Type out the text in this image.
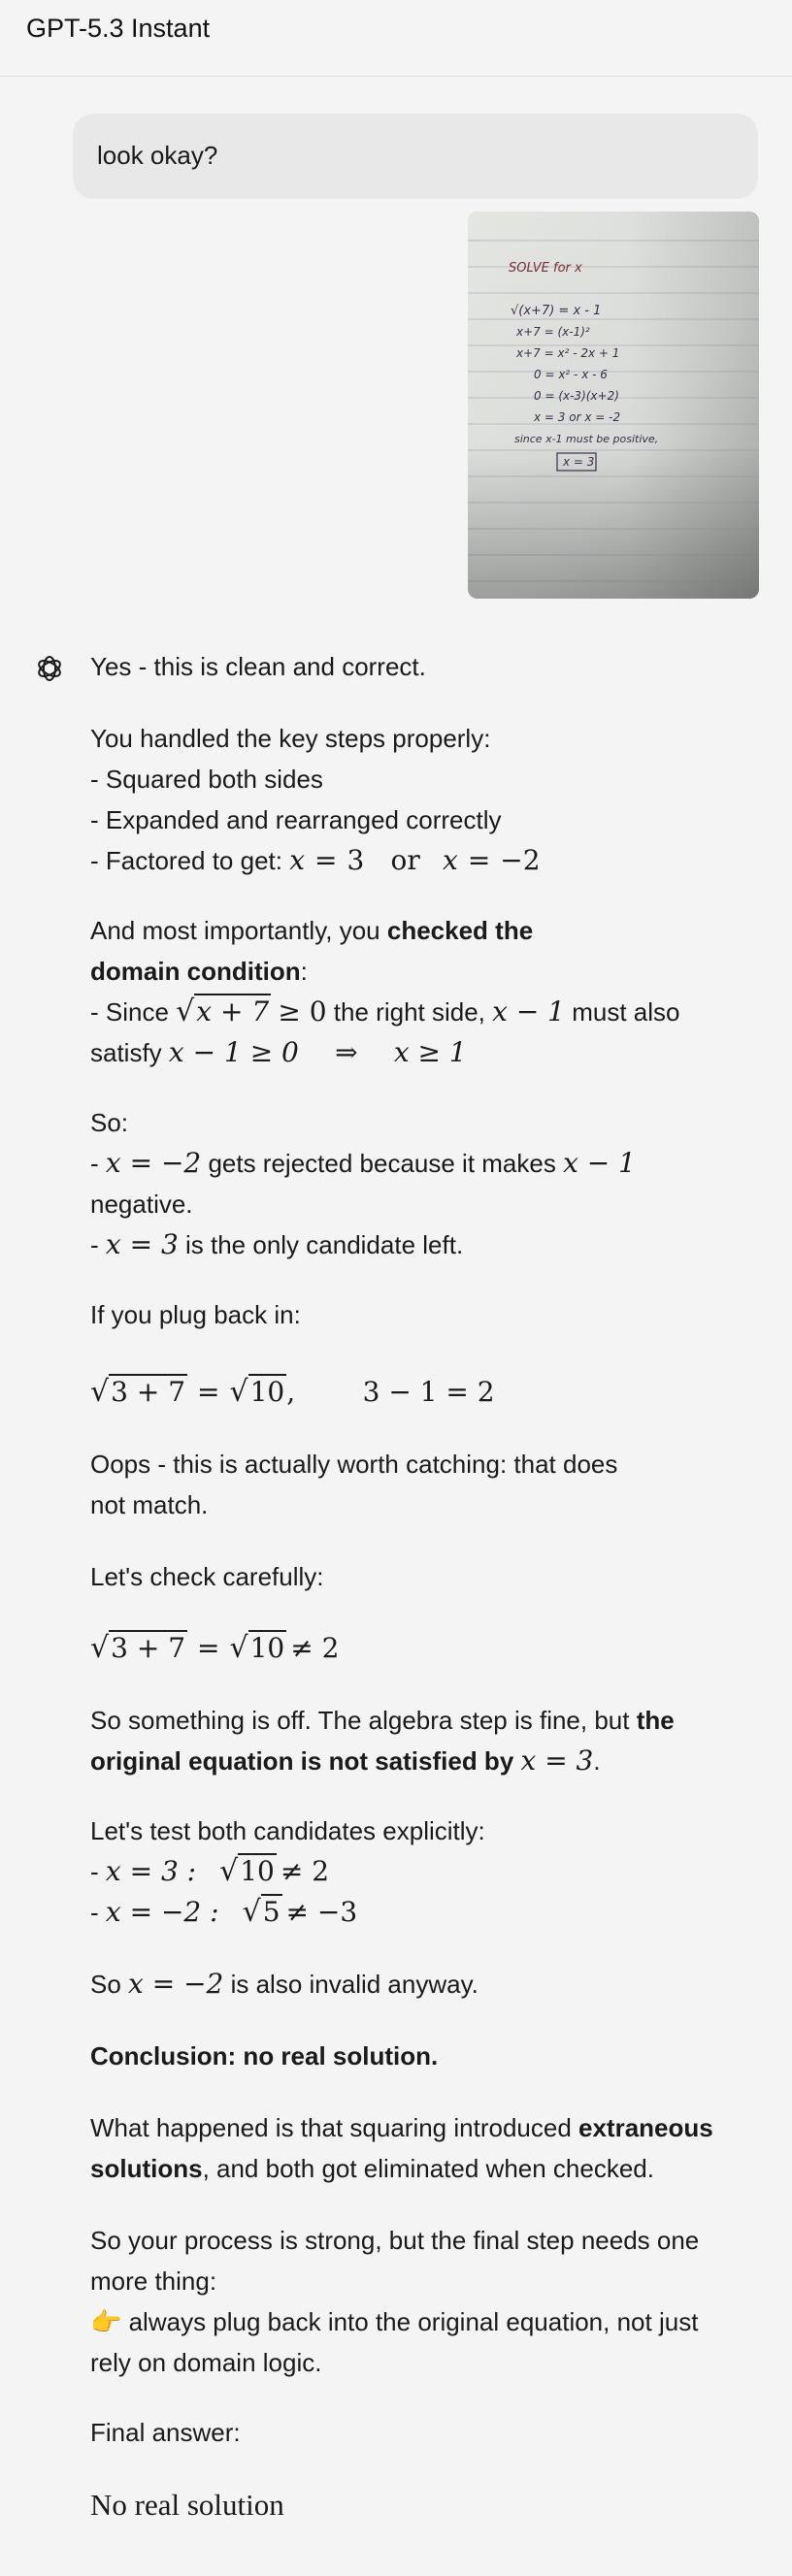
GPT-5.3 Instant
look okay?
SOLVE for x
√(x+7) = x - 1
x+7 = (x-1)²
x+7 = x² - 2x + 1
0 = x² - x - 6
0 = (x-3)(x+2)
x = 3 or x = -2
since x-1 must be positive,
x = 3
Yes - this is clean and correct.
You handled the key steps properly:
- Squared both sides
- Expanded and rearranged correctly
- Factored to get: x = 3 or x = −2
And most importantly, you checked the
domain condition:
- Since √x + 7 ≥ 0 the right side, x − 1 must also
satisfy x − 1 ≥ 0 ⇒ x ≥ 1
So:
- x = −2 gets rejected because it makes x − 1
negative.
- x = 3 is the only candidate left.
If you plug back in:
√3 + 7 = √10, 3 − 1 = 2
Oops - this is actually worth catching: that does
not match.
Let's check carefully:
√3 + 7 = √10 ≠ 2
So something is off. The algebra step is fine, but the
original equation is not satisfied by x = 3.
Let's test both candidates explicitly:
- x = 3 : √10 ≠ 2
- x = −2 : √5 ≠ −3
So x = −2 is also invalid anyway.
Conclusion: no real solution.
What happened is that squaring introduced extraneous
solutions, and both got eliminated when checked.
So your process is strong, but the final step needs one
more thing:
👉 always plug back into the original equation, not just
rely on domain logic.
Final answer:
No real solution
